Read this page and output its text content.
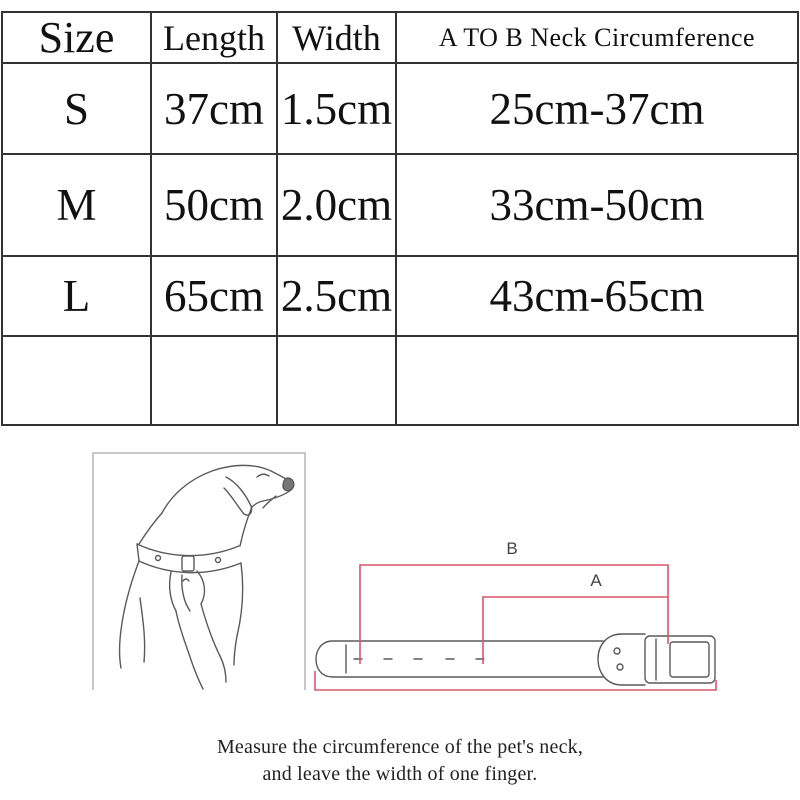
Size	Length Width	A TO B Neck Circumference
S	37cm 1.5cm	25cm-37cm
M	50cm 2.0cm	33cm-50cm
L	65cm 2.5cm	43cm-65cm
B
A
Measure the circumference of the pet's neck,
and leave the width of one finger.
